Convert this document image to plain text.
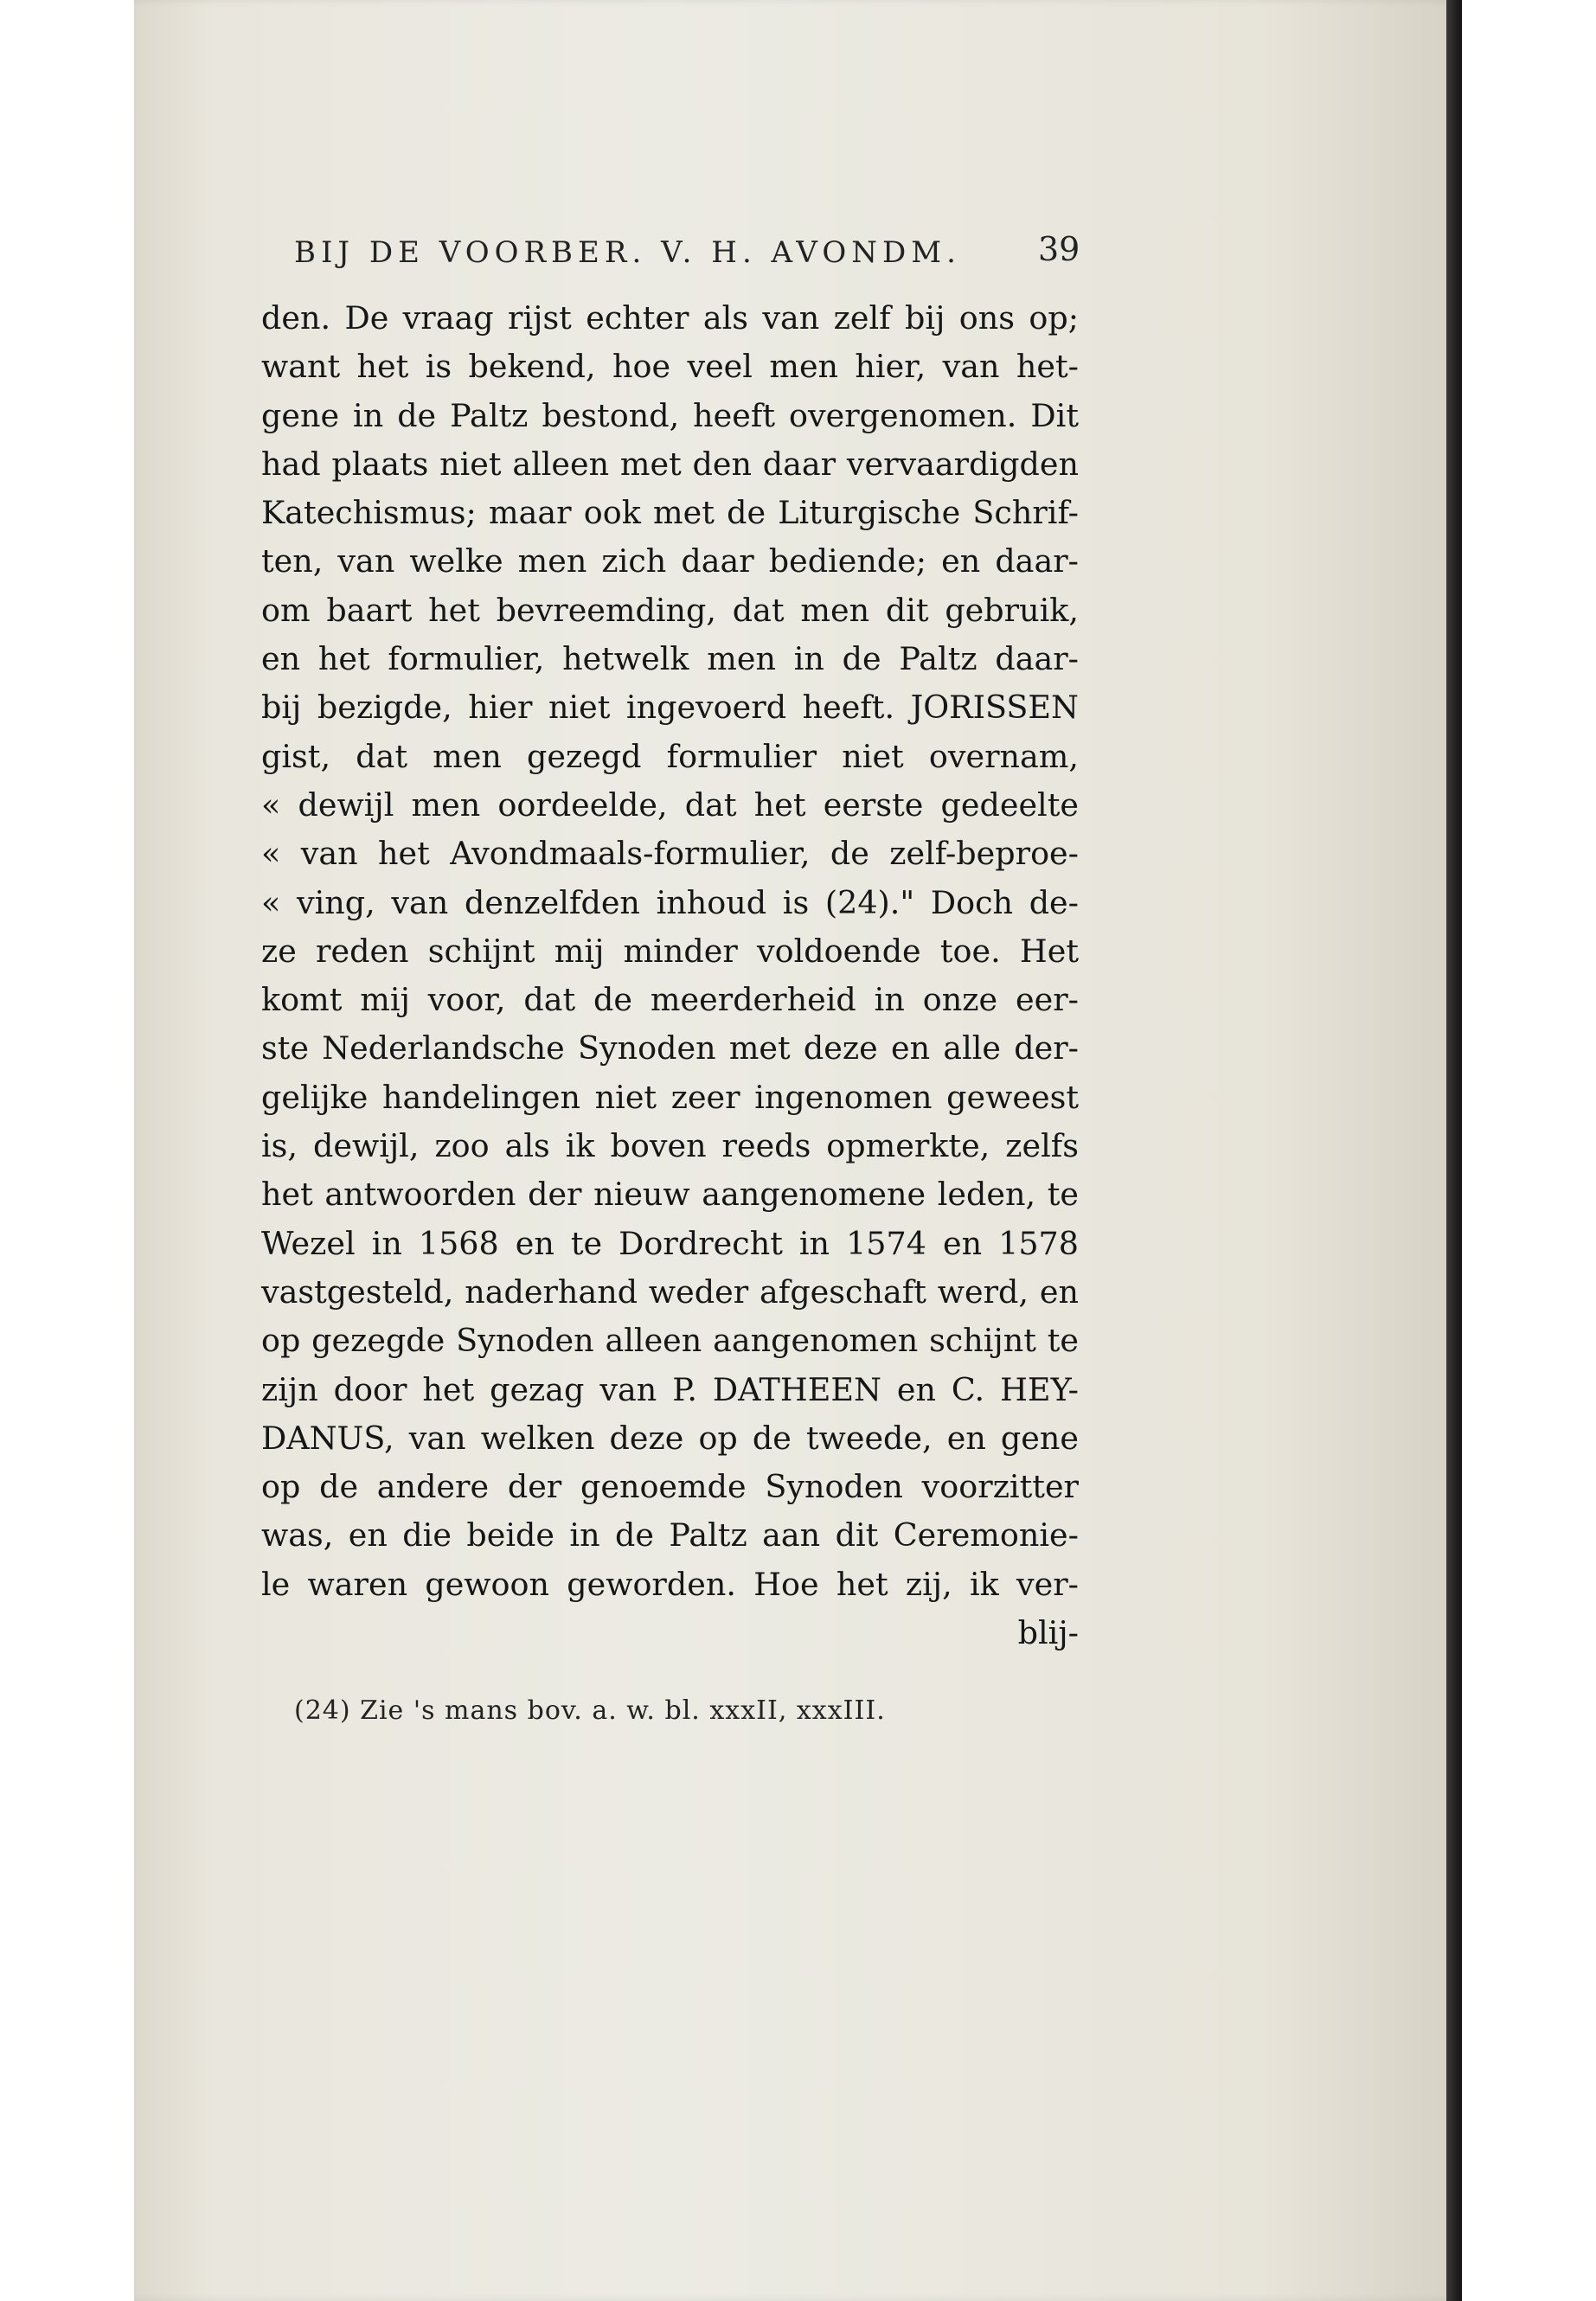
BIJ DE VOORBER. V. H. AVONDM. 39
den. De vraag rijst echter als van zelf bij ons op;
want het is bekend, hoe veel men hier, van het-
gene in de Paltz bestond, heeft overgenomen. Dit
had plaats niet alleen met den daar vervaardigden
Katechismus; maar ook met de Liturgische Schrif-
ten, van welke men zich daar bediende; en daar-
om baart het bevreemding, dat men dit gebruik,
en het formulier, hetwelk men in de Paltz daar-
bij bezigde, hier niet ingevoerd heeft. JORISSEN
gist, dat men gezegd formulier niet overnam,
« dewijl men oordeelde, dat het eerste gedeelte
« van het Avondmaals-formulier, de zelf-beproe-
« ving, van denzelfden inhoud is (24)." Doch de-
ze reden schijnt mij minder voldoende toe. Het
komt mij voor, dat de meerderheid in onze eer-
ste Nederlandsche Synoden met deze en alle der-
gelijke handelingen niet zeer ingenomen geweest
is, dewijl, zoo als ik boven reeds opmerkte, zelfs
het antwoorden der nieuw aangenomene leden, te
Wezel in 1568 en te Dordrecht in 1574 en 1578
vastgesteld, naderhand weder afgeschaft werd, en
op gezegde Synoden alleen aangenomen schijnt te
zijn door het gezag van P. DATHEEN en C. HEY-
DANUS, van welken deze op de tweede, en gene
op de andere der genoemde Synoden voorzitter
was, en die beide in de Paltz aan dit Ceremonie-
le waren gewoon geworden. Hoe het zij, ik ver-
blij-
(24) Zie 's mans bov. a. w. bl. xxxII, xxxIII.
